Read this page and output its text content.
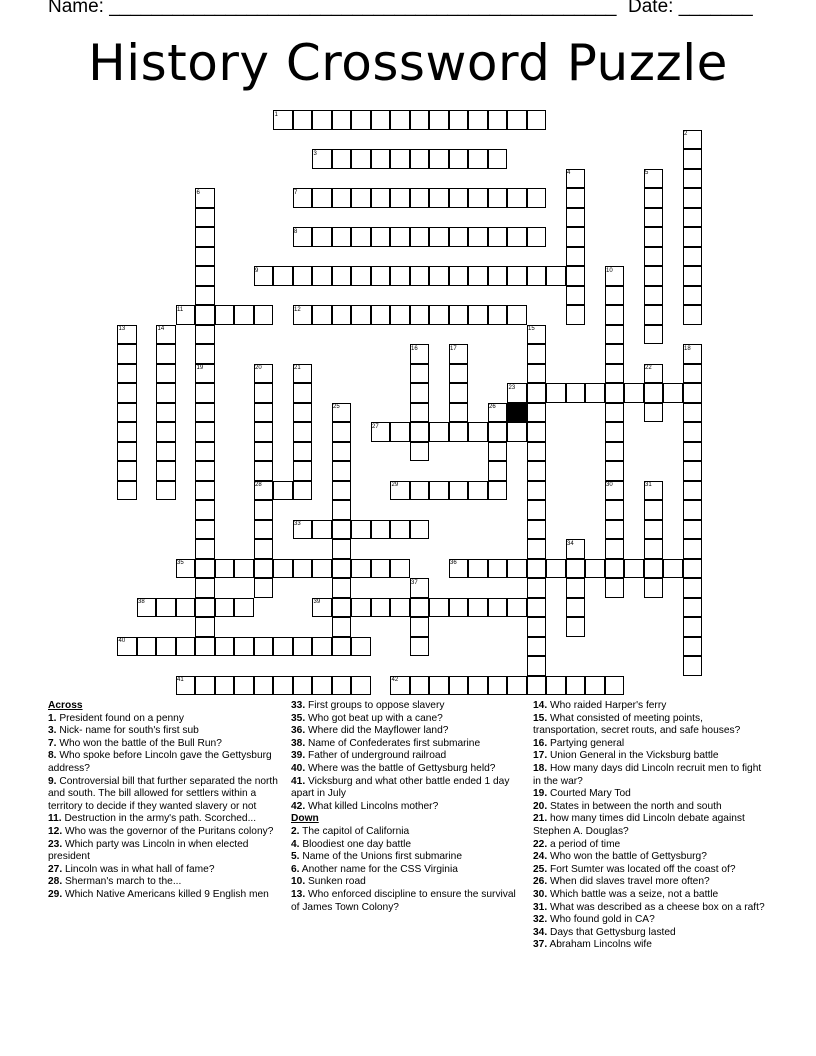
Name: ________________________________________________ Date: _______
History Crossword Puzzle
1
3
7
8
9
11	12
23
27
28	29
33
35	36
38	39
40
41	42
2
4	5
6
10
13	14	15
16	17	18
19	20	21	22
25	26
30	31
34
37
Across
1. President found on a penny
3. Nick- name for south's first sub
7. Who won the battle of the Bull Run?
8. Who spoke before Lincoln gave the Gettysburg address?
9. Controversial bill that further separated the north and south. The bill allowed for settlers within a territory to decide if they wanted slavery or not
11. Destruction in the army's path. Scorched...
12. Who was the governor of the Puritans colony?
23. Which party was Lincoln in when elected president
27. Lincoln was in what hall of fame?
28. Sherman's march to the...
29. Which Native Americans killed 9 English men
33. First groups to oppose slavery
35. Who got beat up with a cane?
36. Where did the Mayflower land?
38. Name of Confederates first submarine
39. Father of underground railroad
40. Where was the battle of Gettysburg held?
41. Vicksburg and what other battle ended 1 day apart in July
42. What killed Lincolns mother?
Down
2. The capitol of California
4. Bloodiest one day battle
5. Name of the Unions first submarine
6. Another name for the CSS Virginia
10. Sunken road
13. Who enforced discipline to ensure the survival of James Town Colony?
14. Who raided Harper's ferry
15. What consisted of meeting points, transportation, secret routs, and safe houses?
16. Partying general
17. Union General in the Vicksburg battle
18. How many days did Lincoln recruit men to fight in the war?
19. Courted Mary Tod
20. States in between the north and south
21. how many times did Lincoln debate against Stephen A. Douglas?
22. a period of time
24. Who won the battle of Gettysburg?
25. Fort Sumter was located off the coast of?
26. When did slaves travel more often?
30. Which battle was a seize, not a battle
31. What was described as a cheese box on a raft?
32. Who found gold in CA?
34. Days that Gettysburg lasted
37. Abraham Lincolns wife
